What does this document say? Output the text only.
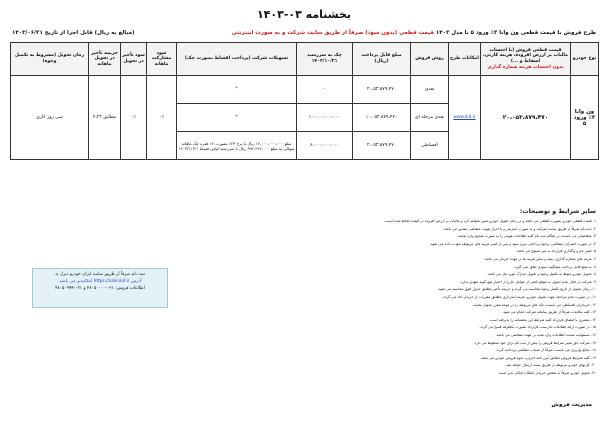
بخشنامه ۰۳-۱۴۰۳
طرح فروش با قیمت قطعی ون وانا ۳٪ ورود ۵ با مدل ۱۴۰۳ قیمت قطعی (بدون سود) صرفاً از طریق سایت شرکت و به صورت اینترنتی
(مبالغ به ریال) قابل اجرا از تاریخ ۱۴۰۳/۰۶/۲۱
نوع خودرو	قیمت قطعی فروش (با احتساب مالیات بر ارزش افزوده، هزینه کارتی، اسقاط و ...)
بدون احتساب هزینه شماره گذاری	امکانات طرح	روش فروش	مبلغ قابل پرداخت (ریال)	چک به سررسید ۱۴۰۳/۱۰/۲۱	تسهیلات شرکت (پرداخت اقساط بصورت چک)	سود مشارکت ماهانه	سود تأخیر در تحویل	جریمه تأخیر در تحویل ماهانه	زمان تحویل (مشروط به تکمیل وجوه)
ون وانا ۳٪ ورود ۵	۲۰،۰۵۳،۸۷۹،۴۷۰	www.ikd.ir	نقدی	۲۰،۵۳،۸۷۹،۴۷۰	-	*	۰٪	۰٪	مطابق ۴،۲۲	سی روز کاری
			نقدی مرحله ای	۱۰،۰۵۳،۸۷۹،۴۷۰	۱۰،۰۰۰،۰۰۰،۰۰۰	*				
			اقساطی	۲،۰۵۳،۸۷۹،۴۷۰	۶،۰۰۰،۰۰۰،۰۰۰	مبلغ ۱۲،۰۰۰،۰۰۰،۰۰۰ ریال با نرخ ۲۳٪ بصورت ۱۲ فقره چک ماهانه متوالی به مبلغ ۹۹۲،۲۹۲،۰۰۰ ریال با سررسید اولین قسط ۱۴۰۳/۱۱/۲۱				
سایر شرایط و توضیحات:
۱- قیمت قطعی خودرو بصورت قطعی می باشد و در زمان تحویل خودرو تغییر نخواهد کرد و مالیات بر ارزش افزوده در قیمت لحاظ شده است.
۲- ثبت نام صرفاً از طریق سایت شرکت و به صورت اینترنتی و با احراز هویت متقاضی مقدور می باشد.
۳- متقاضیان می بایست در هنگام ثبت نام کلیه اطلاعات هویتی را به صورت صحیح وارد نمایند.
۴- در صورت انصراف متقاضی، وجوه پرداختی بدون سود و پس از کسر هزینه های مربوطه عودت داده می شود.
۵- تغییر نام و واگذاری قرارداد به غیر ممنوع می باشد.
۶- هزینه های شماره گذاری، بیمه و سایر هزینه ها بر عهده خریدار می باشد.
۷- به مبلغ قابل پرداخت هیچگونه سودی تعلق نمی گیرد.
۸- تحویل خودرو منوط به تکمیل وجوه و تحویل مدارک مورد نیاز می باشد.
۹- شرکت در قبال عدم تحویل به موقع ناشی از عوامل خارج از اختیار هیچ گونه تعهدی ندارد.
۱۰- زمان تحویل از تاریخ تکمیل وجوه محاسبه می گردد و جریمه تأخیر مطابق جدول فوق محاسبه می شود.
۱۱- در صورت عدم مراجعه جهت تحویل خودرو، هزینه انبارداری مطابق مقررات از خریدار اخذ می گردد.
۱۲- خریداران اقساطی می بایست چک های مربوطه را در موعد مقرر تحویل نمایند.
۱۳- کلیه مکاتبات صرفاً از طریق سامانه شرکت انجام می شود.
۱۴- مشتری با امضای قرارداد کلیه شرایط این بخشنامه را پذیرفته است.
۱۵- در صورت ارائه اطلاعات نادرست، قرارداد بصورت یکطرفه فسخ می گردد.
۱۶- مسئولیت صحت اطلاعات وارد شده بر عهده متقاضی می باشد.
۱۷- شرکت حق تغییر شرایط فروش را پیش از ثبت نام برای خود محفوظ می دارد.
۱۸- مبالغ واریزی می بایست صرفاً از حساب متقاضی پرداخت گردد.
۱۹- کلیه شرایط فروش مطابق آیین نامه اجرایی نحوه فروش خودرو می باشد.
۲۰- کارتهای خودرو مربوطه از طریق پست ارسال خواهد شد.
۲۱- تحویل خودرو صرفاً به شخص خریدار (مالک) امکان پذیر است.
ثبت نام صرفاً از طریق سایت ایران خودرو دیزل به
آدرس https://sale.ikd.ir امکانپذیر می باشد.
اطلاعات فروش: ۰۲۱-۴۸۰۵۰۰۰۰ و ۰۲۱-۴۸۰۵۰۹۹۹
مدیریت فروش
